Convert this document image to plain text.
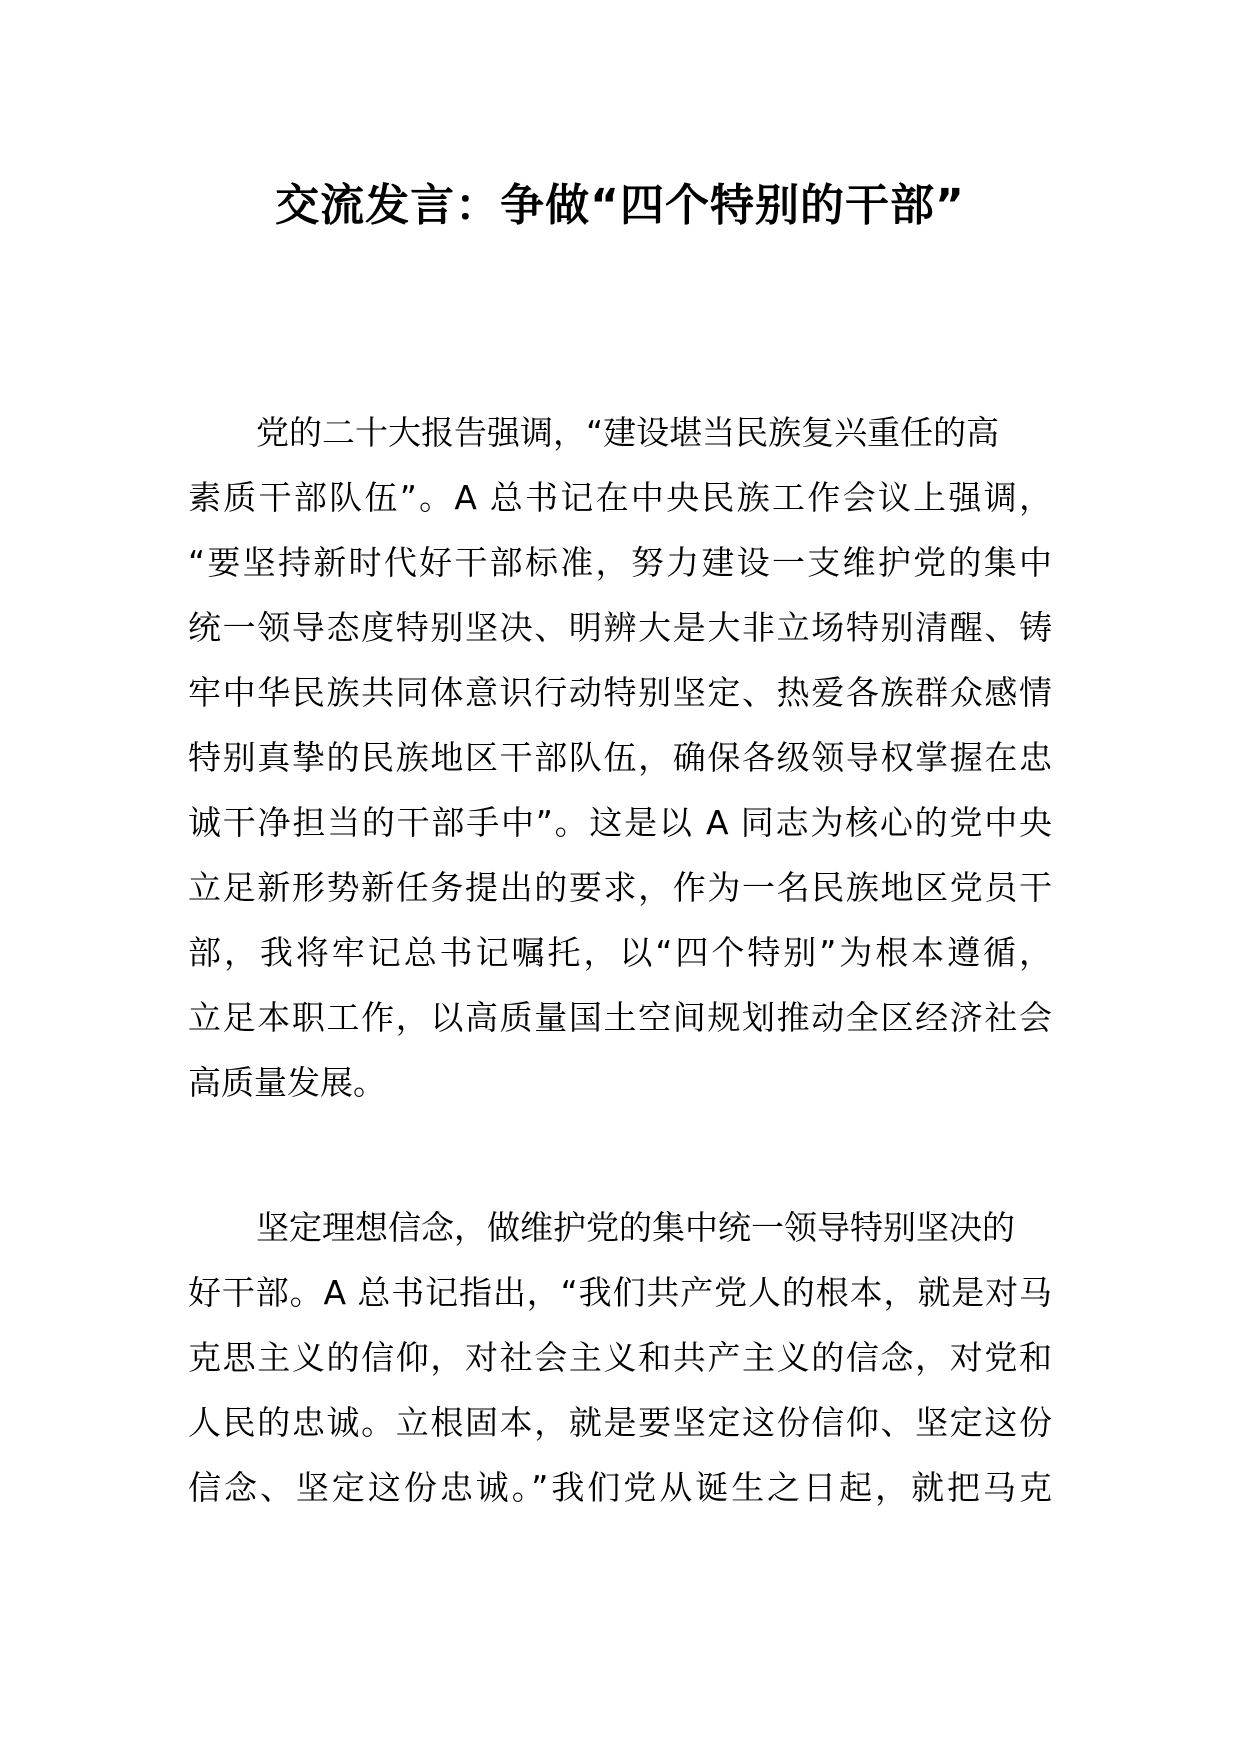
交流发言：争做“四个特别的干部”
党的二十大报告强调，“建设堪当民族复兴重任的高
素质干部队伍”。A 总书记在中央民族工作会议上强调，
“要坚持新时代好干部标准，努力建设一支维护党的集中
统一领导态度特别坚决、明辨大是大非立场特别清醒、铸
牢中华民族共同体意识行动特别坚定、热爱各族群众感情
特别真挚的民族地区干部队伍，确保各级领导权掌握在忠
诚干净担当的干部手中”。这是以 A 同志为核心的党中央
立足新形势新任务提出的要求，作为一名民族地区党员干
部，我将牢记总书记嘱托，以“四个特别”为根本遵循，
立足本职工作，以高质量国土空间规划推动全区经济社会
高质量发展。
坚定理想信念，做维护党的集中统一领导特别坚决的
好干部。A 总书记指出，“我们共产党人的根本，就是对马
克思主义的信仰，对社会主义和共产主义的信念，对党和
人民的忠诚。立根固本，就是要坚定这份信仰、坚定这份
信念、坚定这份忠诚。”我们党从诞生之日起，就把马克
